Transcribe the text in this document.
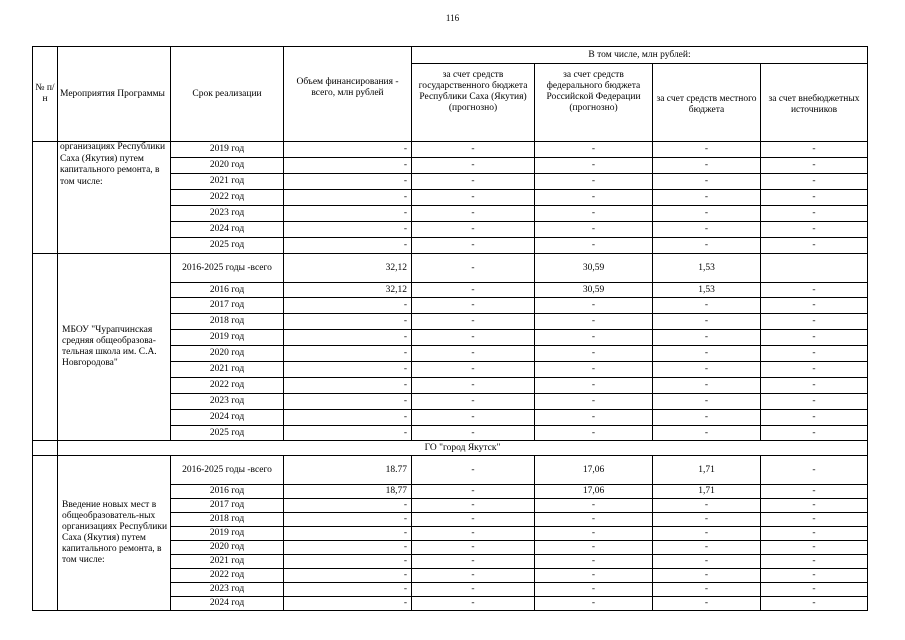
116
№ п/н	Мероприятия Программы	Срок реализации	Объем финансирования - всего, млн рублей	В том числе, млн рублей:			
				за счет средств государственного бюджета Республики Саха (Якутия) (прогнозно)	за счет средств федерального бюджета Российской Федерации (прогнозно)	за счет средств местного бюджета	за счет внебюджетных источников
	организациях Республики Саха (Якутия) путем капитального ремонта, в том числе:	2019 год	-	-	-	-	-
		2020 год	-	-	-	-	-
		2021 год	-	-	-	-	-
		2022 год	-	-	-	-	-
		2023 год	-	-	-	-	-
		2024 год	-	-	-	-	-
		2025 год	-	-	-	-	-
	МБОУ "Чурапчинская средняя общеобразова-тельная школа им. С.А. Новгородова"	2016-2025 годы -всего	32,12	-	30,59	1,53	
		2016 год	32,12	-	30,59	1,53	-
		2017 год	-	-	-	-	-
		2018 год	-	-	-	-	-
		2019 год	-	-	-	-	-
		2020 год	-	-	-	-	-
		2021 год	-	-	-	-	-
		2022 год	-	-	-	-	-
		2023 год	-	-	-	-	-
		2024 год	-	-	-	-	-
		2025 год	-	-	-	-	-
	ГО "город Якутск"						
	Введение новых мест в общеобразователь-ных организациях Республики Саха (Якутия) путем капитального ремонта, в том числе:	2016-2025 годы -всего	18.77	-	17,06	1,71	-
		2016 год	18,77	-	17,06	1,71	-
		2017 год	-	-	-	-	-
		2018 год	-	-	-	-	-
		2019 год	-	-	-	-	-
		2020 год	-	-	-	-	-
		2021 год	-	-	-	-	-
		2022 год	-	-	-	-	-
		2023 год	-	-	-	-	-
		2024 год	-	-	-	-	-
